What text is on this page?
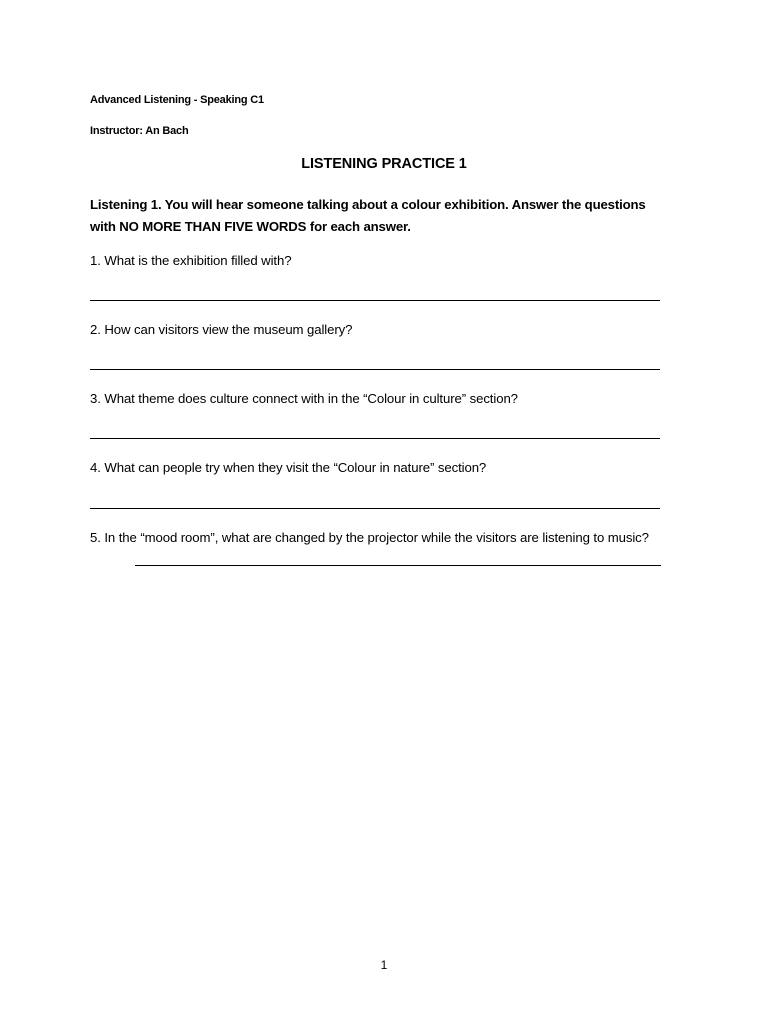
Advanced Listening - Speaking C1
Instructor: An Bach
LISTENING PRACTICE 1
Listening 1. You will hear someone talking about a colour exhibition. Answer the questions with NO MORE THAN FIVE WORDS for each answer.
1. What is the exhibition filled with?
2. How can visitors view the museum gallery?
3. What theme does culture connect with in the “Colour in culture” section?
4. What can people try when they visit the “Colour in nature” section?
5. In the “mood room”, what are changed by the projector while the visitors are listening to music?
1
